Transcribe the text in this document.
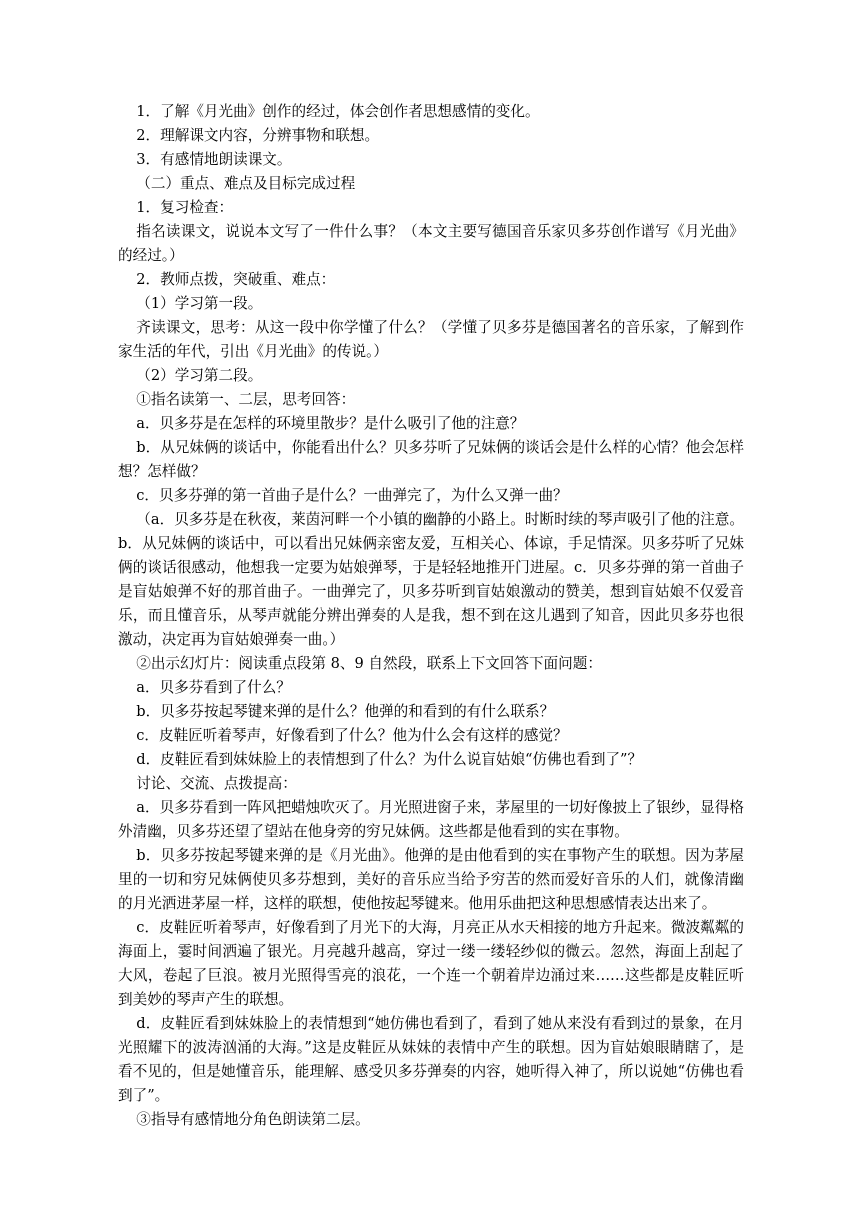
1．了解《月光曲》创作的经过，体会创作者思想感情的变化。

2．理解课文内容，分辨事物和联想。

3．有感情地朗读课文。

（二）重点、难点及目标完成过程

1．复习检查：

指名读课文，说说本文写了一件什么事？（本文主要写德国音乐家贝多芬创作谱写《月光曲》的经过。）

2．教师点拨，突破重、难点：

（1）学习第一段。

齐读课文，思考：从这一段中你学懂了什么？（学懂了贝多芬是德国著名的音乐家，了解到作家生活的年代，引出《月光曲》的传说。）

（2）学习第二段。

①指名读第一、二层，思考回答：

a．贝多芬是在怎样的环境里散步？是什么吸引了他的注意？

b．从兄妹俩的谈话中，你能看出什么？贝多芬听了兄妹俩的谈话会是什么样的心情？他会怎样想？怎样做？

c．贝多芬弹的第一首曲子是什么？一曲弹完了，为什么又弹一曲？

（a．贝多芬是在秋夜，莱茵河畔一个小镇的幽静的小路上。时断时续的琴声吸引了他的注意。b．从兄妹俩的谈话中，可以看出兄妹俩亲密友爱，互相关心、体谅，手足情深。贝多芬听了兄妹俩的谈话很感动，他想我一定要为姑娘弹琴，于是轻轻地推开门进屋。c．贝多芬弹的第一首曲子是盲姑娘弹不好的那首曲子。一曲弹完了，贝多芬听到盲姑娘激动的赞美，想到盲姑娘不仅爱音乐，而且懂音乐，从琴声就能分辨出弹奏的人是我，想不到在这儿遇到了知音，因此贝多芬也很激动，决定再为盲姑娘弹奏一曲。）

②出示幻灯片：阅读重点段第 8、9 自然段，联系上下文回答下面问题：

a．贝多芬看到了什么？

b．贝多芬按起琴键来弹的是什么？他弹的和看到的有什么联系？

c．皮鞋匠听着琴声，好像看到了什么？他为什么会有这样的感觉？

d．皮鞋匠看到妹妹脸上的表情想到了什么？为什么说盲姑娘“仿佛也看到了”？

讨论、交流、点拨提高：

a．贝多芬看到一阵风把蜡烛吹灭了。月光照进窗子来，茅屋里的一切好像披上了银纱，显得格外清幽，贝多芬还望了望站在他身旁的穷兄妹俩。这些都是他看到的实在事物。

b．贝多芬按起琴键来弹的是《月光曲》。他弹的是由他看到的实在事物产生的联想。因为茅屋里的一切和穷兄妹俩使贝多芬想到，美好的音乐应当给予穷苦的然而爱好音乐的人们，就像清幽的月光洒进茅屋一样，这样的联想，使他按起琴键来。他用乐曲把这种思想感情表达出来了。

c．皮鞋匠听着琴声，好像看到了月光下的大海，月亮正从水天相接的地方升起来。微波粼粼的海面上，霎时间洒遍了银光。月亮越升越高，穿过一缕一缕轻纱似的微云。忽然，海面上刮起了大风，卷起了巨浪。被月光照得雪亮的浪花，一个连一个朝着岸边涌过来……这些都是皮鞋匠听到美妙的琴声产生的联想。

d．皮鞋匠看到妹妹脸上的表情想到“她仿佛也看到了，看到了她从来没有看到过的景象，在月光照耀下的波涛汹涌的大海。”这是皮鞋匠从妹妹的表情中产生的联想。因为盲姑娘眼睛瞎了，是看不见的，但是她懂音乐，能理解、感受贝多芬弹奏的内容，她听得入神了，所以说她“仿佛也看到了”。

③指导有感情地分角色朗读第二层。
